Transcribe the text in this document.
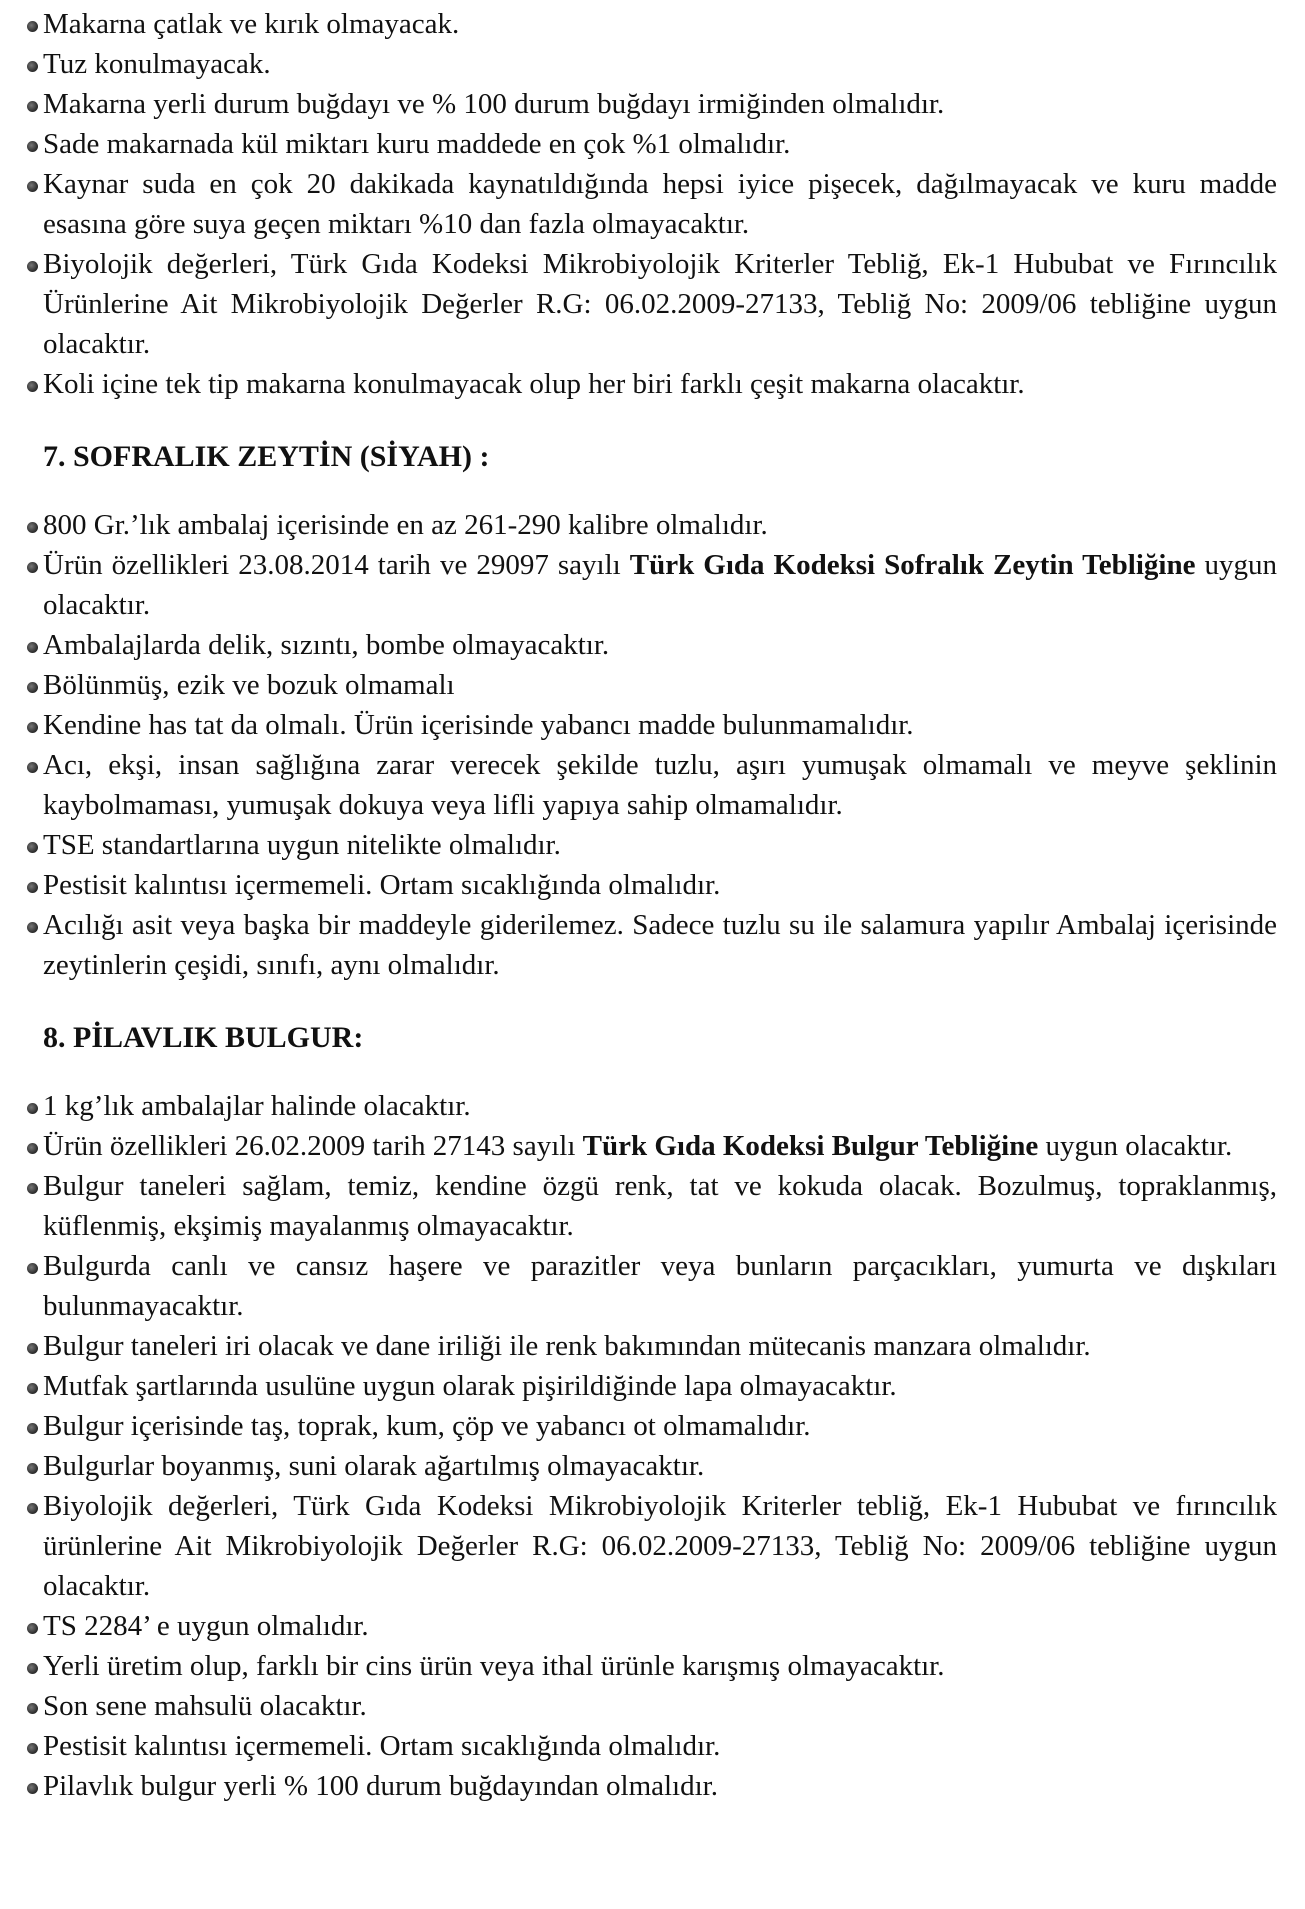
Makarna çatlak ve kırık olmayacak.
Tuz konulmayacak.
Makarna yerli durum buğdayı ve % 100 durum buğdayı irmiğinden olmalıdır.
Sade makarnada kül miktarı kuru maddede en çok %1 olmalıdır.
Kaynar suda en çok 20 dakikada kaynatıldığında hepsi iyice pişecek, dağılmayacak ve kuru madde esasına göre suya geçen miktarı %10 dan fazla olmayacaktır.
Biyolojik değerleri, Türk Gıda Kodeksi Mikrobiyolojik Kriterler Tebliğ, Ek-1 Hububat ve Fırıncılık Ürünlerine Ait Mikrobiyolojik Değerler R.G: 06.02.2009-27133, Tebliğ No: 2009/06 tebliğine uygun olacaktır.
Koli içine tek tip makarna konulmayacak olup her biri farklı çeşit makarna olacaktır.
7. SOFRALIK ZEYTİN (SİYAH) :
800 Gr.’lık ambalaj içerisinde en az 261-290 kalibre olmalıdır.
Ürün özellikleri 23.08.2014 tarih ve 29097 sayılı Türk Gıda Kodeksi Sofralık Zeytin Tebliğine uygun olacaktır.
Ambalajlarda delik, sızıntı, bombe olmayacaktır.
Bölünmüş, ezik ve bozuk olmamalı
Kendine has tat da olmalı. Ürün içerisinde yabancı madde bulunmamalıdır.
Acı, ekşi, insan sağlığına zarar verecek şekilde tuzlu, aşırı yumuşak olmamalı ve meyve şeklinin kaybolmaması, yumuşak dokuya veya lifli yapıya sahip olmamalıdır.
TSE standartlarına uygun nitelikte olmalıdır.
Pestisit kalıntısı içermemeli. Ortam sıcaklığında olmalıdır.
Acılığı asit veya başka bir maddeyle giderilemez. Sadece tuzlu su ile salamura yapılır Ambalaj içerisinde zeytinlerin çeşidi, sınıfı, aynı olmalıdır.
8. PİLAVLIK BULGUR:
1 kg’lık ambalajlar halinde olacaktır.
Ürün özellikleri 26.02.2009 tarih 27143 sayılı Türk Gıda Kodeksi Bulgur Tebliğine uygun olacaktır.
Bulgur taneleri sağlam, temiz, kendine özgü renk, tat ve kokuda olacak. Bozulmuş, topraklanmış, küflenmiş, ekşimiş mayalanmış olmayacaktır.
Bulgurda canlı ve cansız haşere ve parazitler veya bunların parçacıkları, yumurta ve dışkıları bulunmayacaktır.
Bulgur taneleri iri olacak ve dane iriliği ile renk bakımından mütecanis manzara olmalıdır.
Mutfak şartlarında usulüne uygun olarak pişirildiğinde lapa olmayacaktır.
Bulgur içerisinde taş, toprak, kum, çöp ve yabancı ot olmamalıdır.
Bulgurlar boyanmış, suni olarak ağartılmış olmayacaktır.
Biyolojik değerleri, Türk Gıda Kodeksi Mikrobiyolojik Kriterler tebliğ, Ek-1 Hububat ve fırıncılık ürünlerine Ait Mikrobiyolojik Değerler R.G: 06.02.2009-27133, Tebliğ No: 2009/06 tebliğine uygun olacaktır.
TS 2284’ e uygun olmalıdır.
Yerli üretim olup, farklı bir cins ürün veya ithal ürünle karışmış olmayacaktır.
Son sene mahsulü olacaktır.
Pestisit kalıntısı içermemeli. Ortam sıcaklığında olmalıdır.
Pilavlık bulgur yerli % 100 durum buğdayından olmalıdır.
